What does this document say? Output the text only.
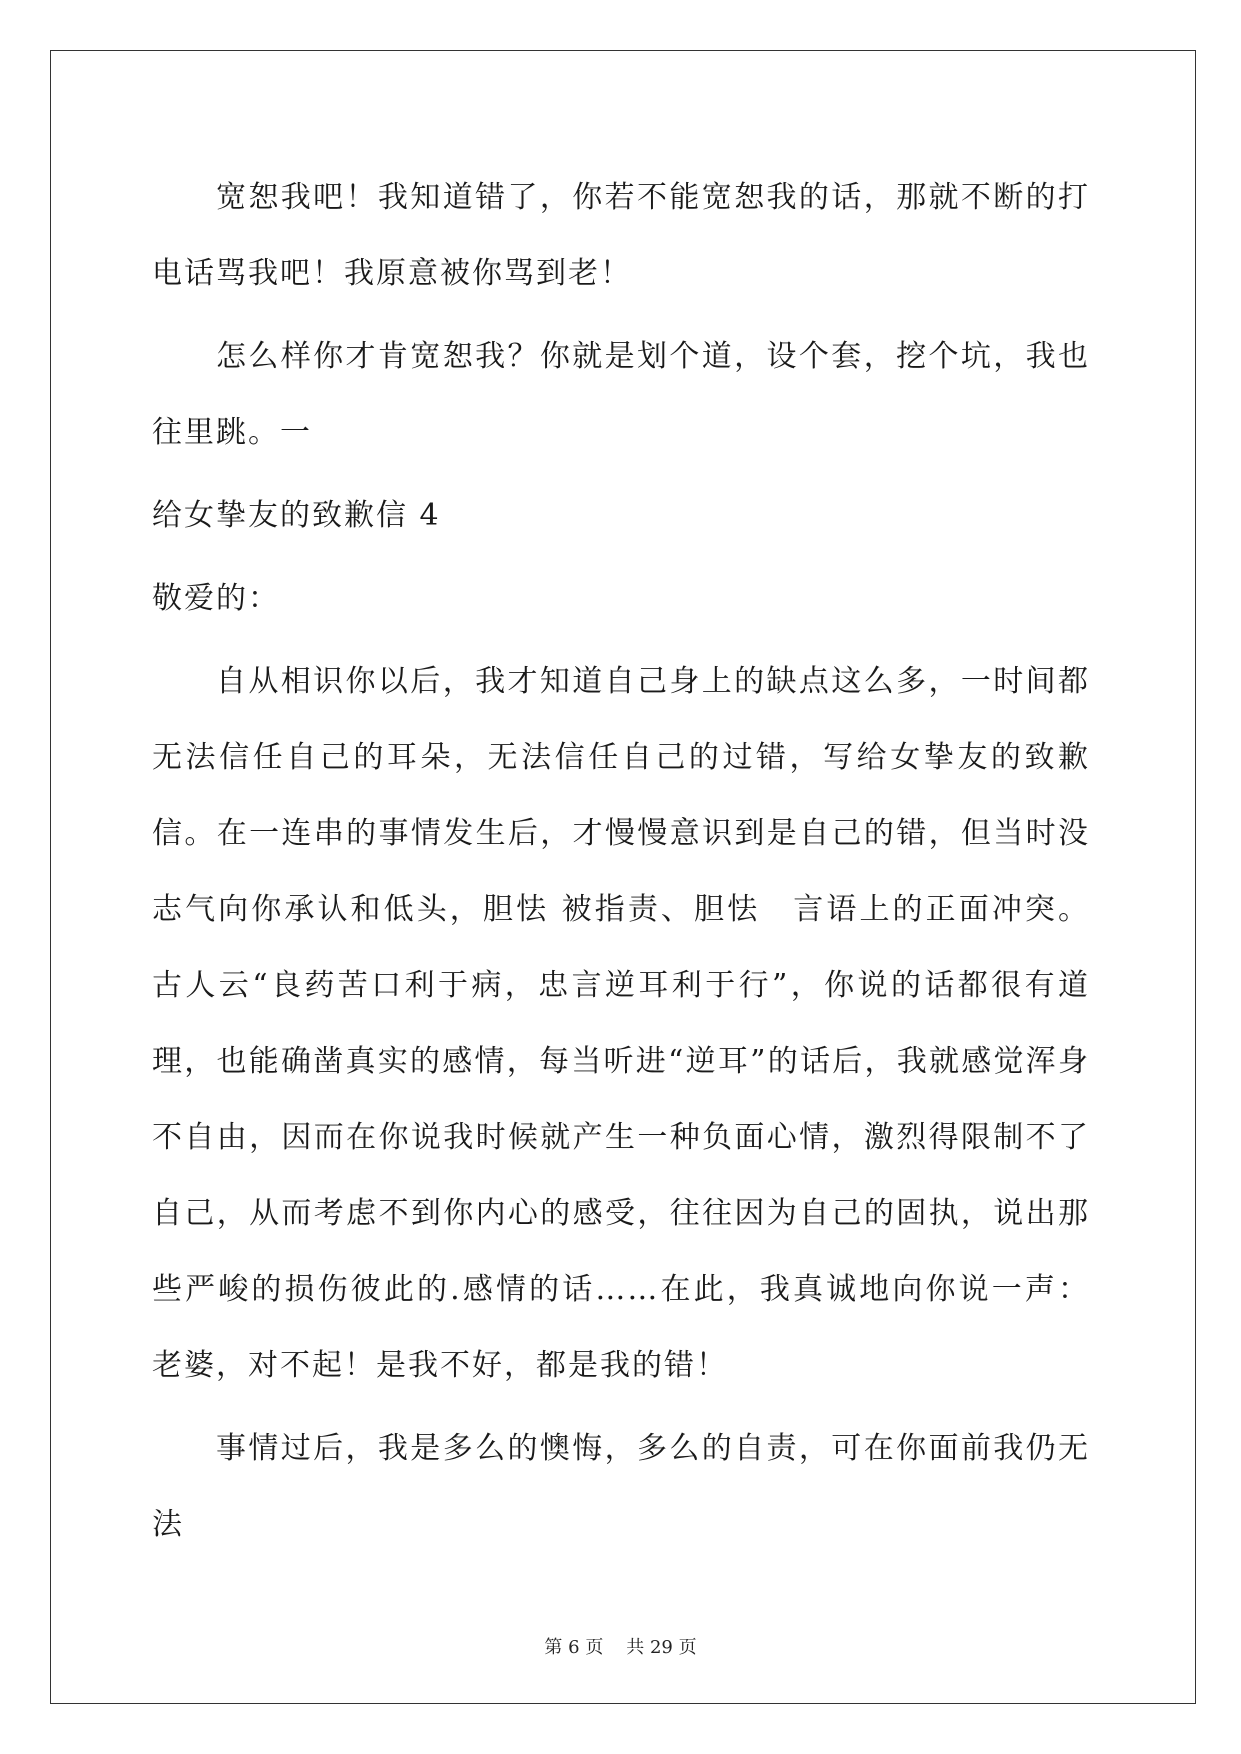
宽恕我吧！我知道错了，你若不能宽恕我的话，那就不断的打电话骂我吧！我原意被你骂到老！

怎么样你才肯宽恕我？你就是划个道，设个套，挖个坑，我也往里跳。一

给女挚友的致歉信 4

敬爱的：

自从相识你以后，我才知道自己身上的缺点这么多，一时间都无法信任自己的耳朵，无法信任自己的过错，写给女挚友的致歉信。在一连串的事情发生后，才慢慢意识到是自己的错，但当时没志气向你承认和低头，胆怯 被指责、胆怯　言语上的正面冲突。古人云“良药苦口利于病，忠言逆耳利于行”，你说的话都很有道理，也能确凿真实的感情，每当听进“逆耳”的话后，我就感觉浑身不自由，因而在你说我时候就产生一种负面心情，激烈得限制不了自己，从而考虑不到你内心的感受，往往因为自己的固执，说出那些严峻的损伤彼此的.感情的话……在此，我真诚地向你说一声：老婆，对不起！是我不好，都是我的错！

事情过后，我是多么的懊悔，多么的自责，可在你面前我仍无法

第 6 页 共 29 页
